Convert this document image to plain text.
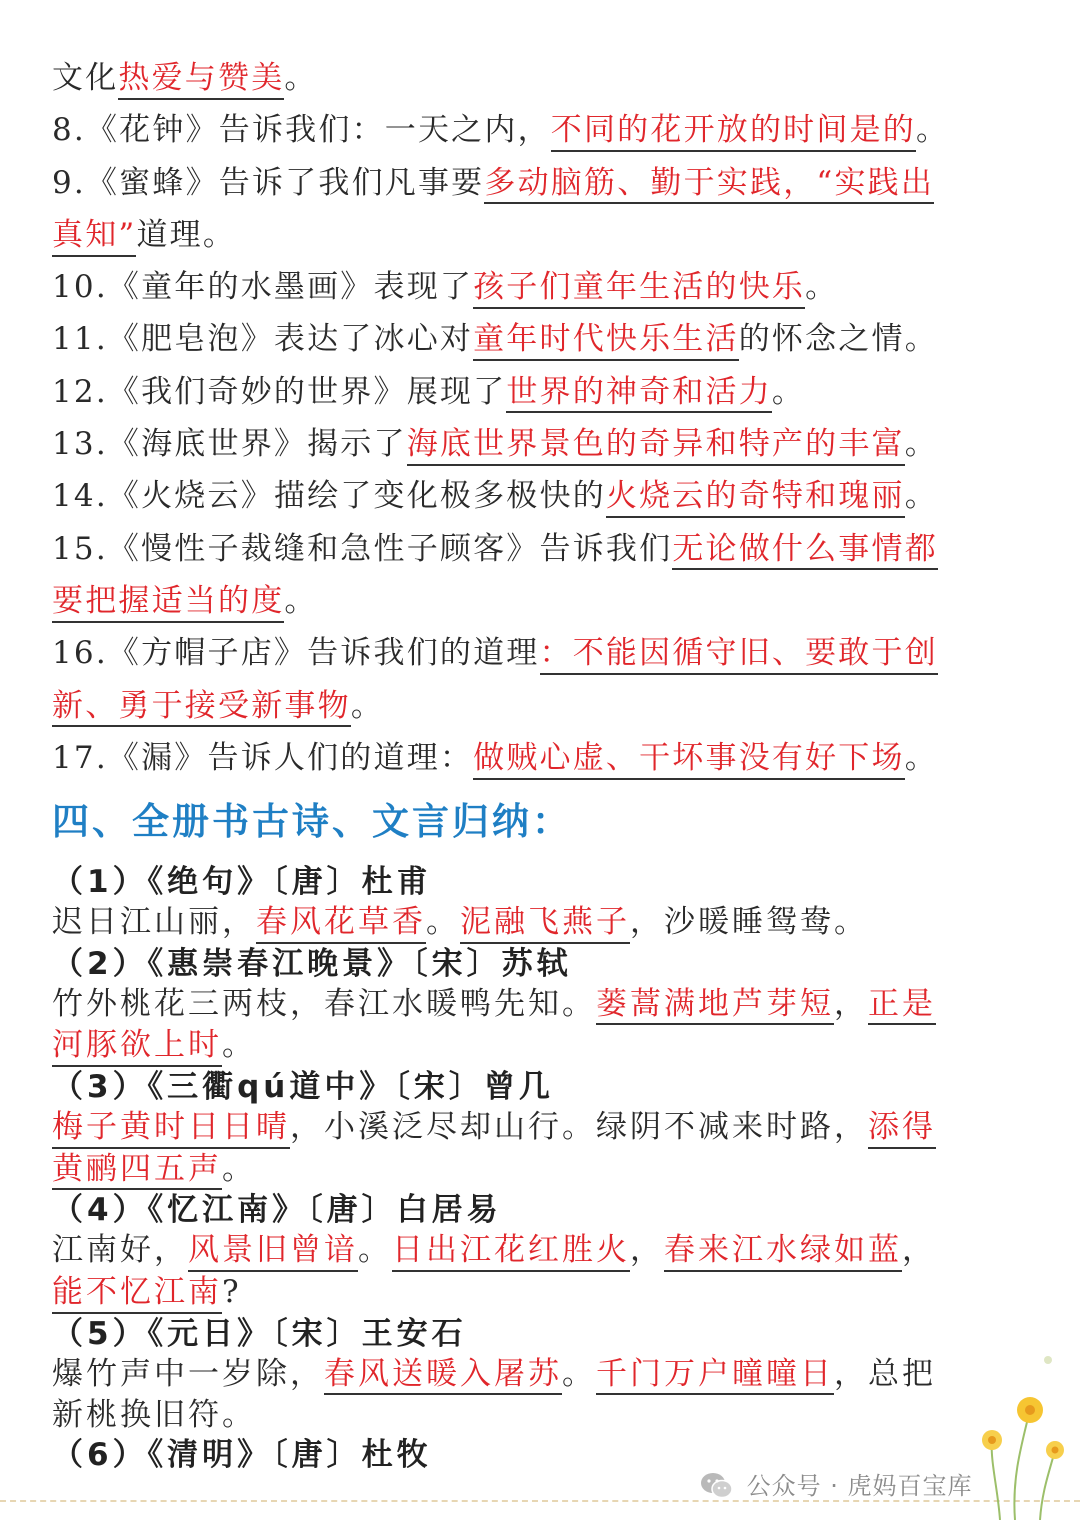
文化热爱与赞美。
8.《花钟》告诉我们：一天之内，不同的花开放的时间是的。
9.《蜜蜂》告诉了我们凡事要多动脑筋、勤于实践，“实践出
真知”道理。
10.《童年的水墨画》表现了孩子们童年生活的快乐。
11.《肥皂泡》表达了冰心对童年时代快乐生活的怀念之情。
12.《我们奇妙的世界》展现了世界的神奇和活力。
13.《海底世界》揭示了海底世界景色的奇异和特产的丰富。
14.《火烧云》描绘了变化极多极快的火烧云的奇特和瑰丽。
15.《慢性子裁缝和急性子顾客》告诉我们无论做什么事情都
要把握适当的度。
16.《方帽子店》告诉我们的道理：不能因循守旧、要敢于创
新、勇于接受新事物。
17.《漏》告诉人们的道理：做贼心虚、干坏事没有好下场。
四、全册书古诗、文言归纳：
（1）《绝句》〔唐〕杜甫
迟日江山丽，春风花草香。泥融飞燕子，沙暖睡鸳鸯。
（2）《惠崇春江晚景》〔宋〕苏轼
竹外桃花三两枝，春江水暖鸭先知。蒌蒿满地芦芽短，正是
河豚欲上时。
（3）《三衢qú道中》〔宋〕曾几
梅子黄时日日晴，小溪泛尽却山行。绿阴不减来时路，添得
黄鹂四五声。
（4）《忆江南》〔唐〕白居易
江南好，风景旧曾谙。日出江花红胜火，春来江水绿如蓝，
能不忆江南?
（5）《元日》〔宋〕王安石
爆竹声中一岁除，春风送暖入屠苏。千门万户曈曈日，总把
新桃换旧符。
（6）《清明》〔唐〕杜牧
公众号 · 虎妈百宝库
